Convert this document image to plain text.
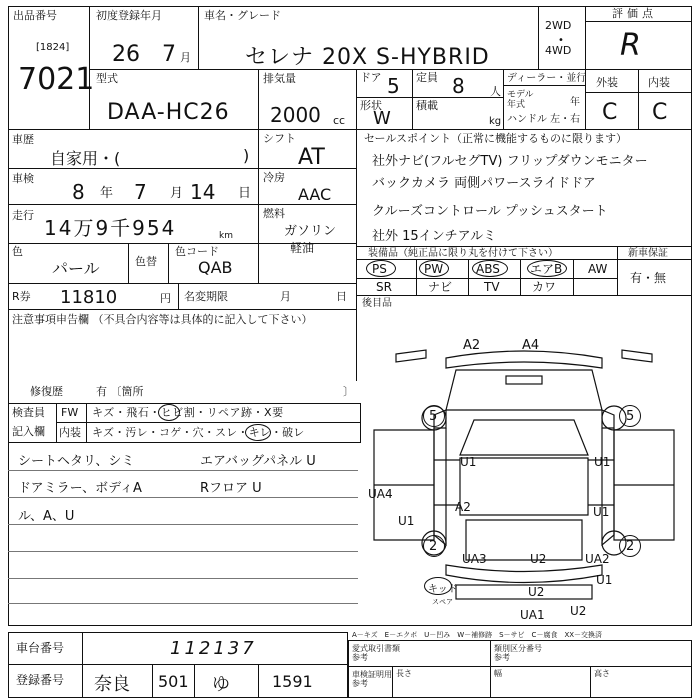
出品番号
[1824]
7021
初度登録年月
26 7 月
車名・グレード
セレナ 20X S-HYBRID
2WD
4WD
•
評価点
R
型式
DAA-HC26
排気量
2000 cc
ドア 5 定員 8 人
形状
W
積載
kg
ディーラー・並行
モデル 年式	年
ハンドル 左・右
外装	内装
C C
車歴
自家用・(	)
シフト
AT
車検
8 年 7 月 14 日
冷房
AAC
走行
14万9千954	km
燃料
ガソリン
軽油
色
パール	色替
色コード
QAB
R券 11810	円 名変期限	月	日
注意事項申告欄 （不具合内容等は具体的に記入して下さい）
修復歴	有 〔箇所	〕
検査員
記入欄
FW キズ・飛石・ヒビ割・リペア跡・X要
内装 キズ・汚レ・コゲ・穴・スレ・キレ・破レ
シートヘタリ、シミ	エアバッグパネル U
ドアミラー、ボディA	Rフロア U
ル、A、U
セールスポイント（正常に機能するものに限ります）
社外ナビ(フルセグTV) フリップダウンモニター
バックカメラ 両側パワースライドドア
クルーズコントロール プッシュスタート
社外 15インチアルミ
装備品（純正品に限り丸を付けて下さい）	新車保証
PS	PW	ABS	エアB AW
SR	ナビ	TV	カワ
有・無
後目品
A2	A4
5	5
U1	U1
UA4
U1
A2	U1
2	2
UA3	U2
U2
UA2
U1
UA1 U2
キッド
スペア
車台番号	112137
登録番号 奈良 501 ゆ	1591
A－キズ　E－エクボ　U－凹み　W－補修跡　S－サビ　C－腐食　XX－交換済
愛式取引書類 参考
類別区分番号 参考
車検証明用 参考
長さ	幅	高さ
